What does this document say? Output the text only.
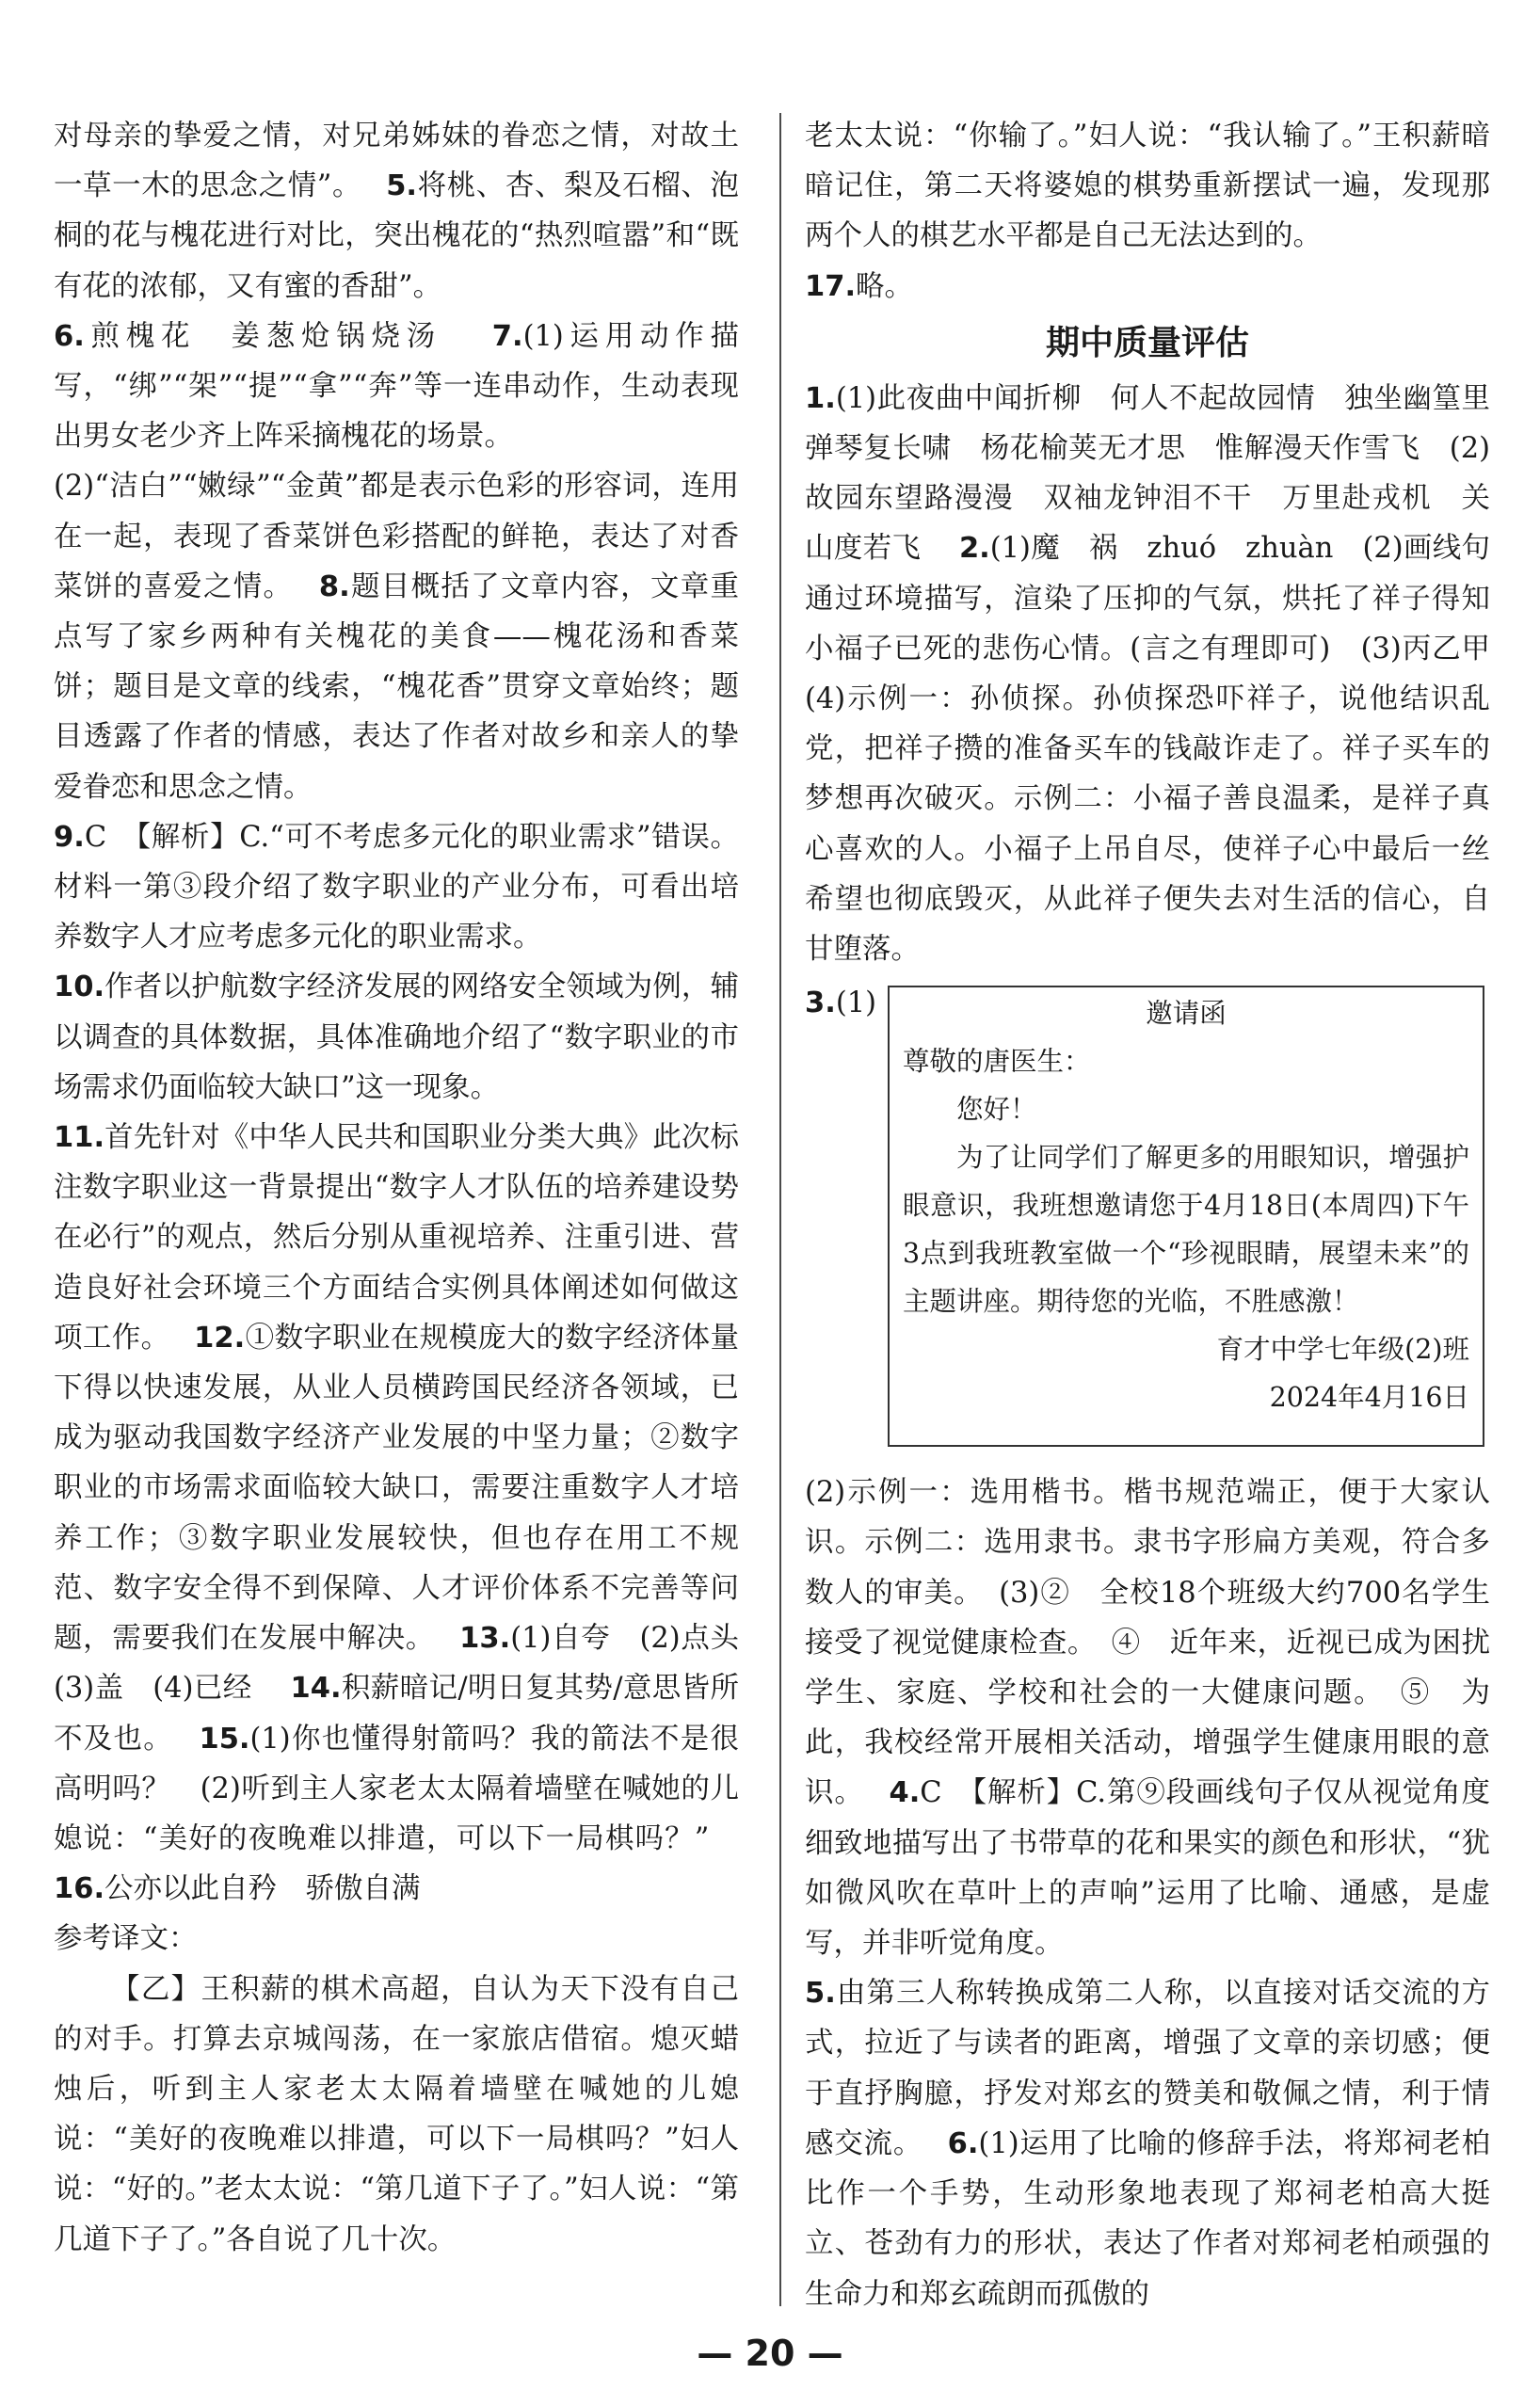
对母亲的挚爱之情，对兄弟姊妹的眷恋之情，对故土一草一木的思念之情”。　 5.将桃、杏、梨及石榴、泡桐的花与槐花进行对比，突出槐花的“热烈喧嚣”和“既有花的浓郁，又有蜜的香甜”。

6.煎槐花　姜葱炝锅烧汤　 7.(1)运用动作描写，“绑”“架”“提”“拿”“奔”等一连串动作，生动表现出男女老少齐上阵采摘槐花的场景。

(2)“洁白”“嫩绿”“金黄”都是表示色彩的形容词，连用在一起，表现了香菜饼色彩搭配的鲜艳，表达了对香菜饼的喜爱之情。　 8.题目概括了文章内容，文章重点写了家乡两种有关槐花的美食——槐花汤和香菜饼；题目是文章的线索，“槐花香”贯穿文章始终；题目透露了作者的情感，表达了作者对故乡和亲人的挚爱眷恋和思念之情。

9.C　【解析】C.“可不考虑多元化的职业需求”错误。材料一第③段介绍了数字职业的产业分布，可看出培养数字人才应考虑多元化的职业需求。

10.作者以护航数字经济发展的网络安全领域为例，辅以调查的具体数据，具体准确地介绍了“数字职业的市场需求仍面临较大缺口”这一现象。

11.首先针对《中华人民共和国职业分类大典》此次标注数字职业这一背景提出“数字人才队伍的培养建设势在必行”的观点，然后分别从重视培养、注重引进、营造良好社会环境三个方面结合实例具体阐述如何做这项工作。　 12.①数字职业在规模庞大的数字经济体量下得以快速发展，从业人员横跨国民经济各领域，已成为驱动我国数字经济产业发展的中坚力量；②数字职业的市场需求面临较大缺口，需要注重数字人才培养工作；③数字职业发展较快，但也存在用工不规范、数字安全得不到保障、人才评价体系不完善等问题，需要我们在发展中解决。　 13.(1)自夸　(2)点头　(3)盖　(4)已经　 14.积薪暗记/明日复其势/意思皆所不及也。　 15.(1)你也懂得射箭吗？我的箭法不是很高明吗？　(2)听到主人家老太太隔着墙壁在喊她的儿媳说：“美好的夜晚难以排遣，可以下一局棋吗？”　 16.公亦以此自矜　骄傲自满

参考译文：

【乙】王积薪的棋术高超，自认为天下没有自己的对手。打算去京城闯荡，在一家旅店借宿。熄灭蜡烛后，听到主人家老太太隔着墙壁在喊她的儿媳说：“美好的夜晚难以排遣，可以下一局棋吗？”妇人说：“好的。”老太太说：“第几道下子了。”妇人说：“第几道下子了。”各自说了几十次。

老太太说：“你输了。”妇人说：“我认输了。”王积薪暗暗记住，第二天将婆媳的棋势重新摆试一遍，发现那两个人的棋艺水平都是自己无法达到的。

17.略。

期中质量评估

1.(1)此夜曲中闻折柳　何人不起故园情　独坐幽篁里　弹琴复长啸　杨花榆荚无才思　惟解漫天作雪飞　(2)故园东望路漫漫　双袖龙钟泪不干　万里赴戎机　关山度若飞　 2.(1)魔　祸　zhuó　zhuàn　(2)画线句通过环境描写，渲染了压抑的气氛，烘托了祥子得知小福子已死的悲伤心情。(言之有理即可)　(3)丙乙甲　(4)示例一：孙侦探。孙侦探恐吓祥子，说他结识乱党，把祥子攒的准备买车的钱敲诈走了。祥子买车的梦想再次破灭。示例二：小福子善良温柔，是祥子真心喜欢的人。小福子上吊自尽，使祥子心中最后一丝希望也彻底毁灭，从此祥子便失去对生活的信心，自甘堕落。

3.(1)	邀请函
尊敬的唐医生：
您好！
为了让同学们了解更多的用眼知识，增强护眼意识，我班想邀请您于4月18日(本周四)下午3点到我班教室做一个“珍视眼睛，展望未来”的主题讲座。期待您的光临，不胜感激！
育才中学七年级(2)班
2024年4月16日

(2)示例一：选用楷书。楷书规范端正，便于大家认识。示例二：选用隶书。隶书字形扁方美观，符合多数人的审美。　(3)②　全校18个班级大约700名学生接受了视觉健康检查。　④　近年来，近视已成为困扰学生、家庭、学校和社会的一大健康问题。　⑤　为此，我校经常开展相关活动，增强学生健康用眼的意识。　 4.C　【解析】C.第⑨段画线句子仅从视觉角度细致地描写出了书带草的花和果实的颜色和形状，“犹如微风吹在草叶上的声响”运用了比喻、通感，是虚写，并非听觉角度。

5.由第三人称转换成第二人称，以直接对话交流的方式，拉近了与读者的距离，增强了文章的亲切感；便于直抒胸臆，抒发对郑玄的赞美和敬佩之情，利于情感交流。　 6.(1)运用了比喻的修辞手法，将郑祠老柏比作一个手势，生动形象地表现了郑祠老柏高大挺立、苍劲有力的形状，表达了作者对郑祠老柏顽强的生命力和郑玄疏朗而孤傲的

— 20 —
